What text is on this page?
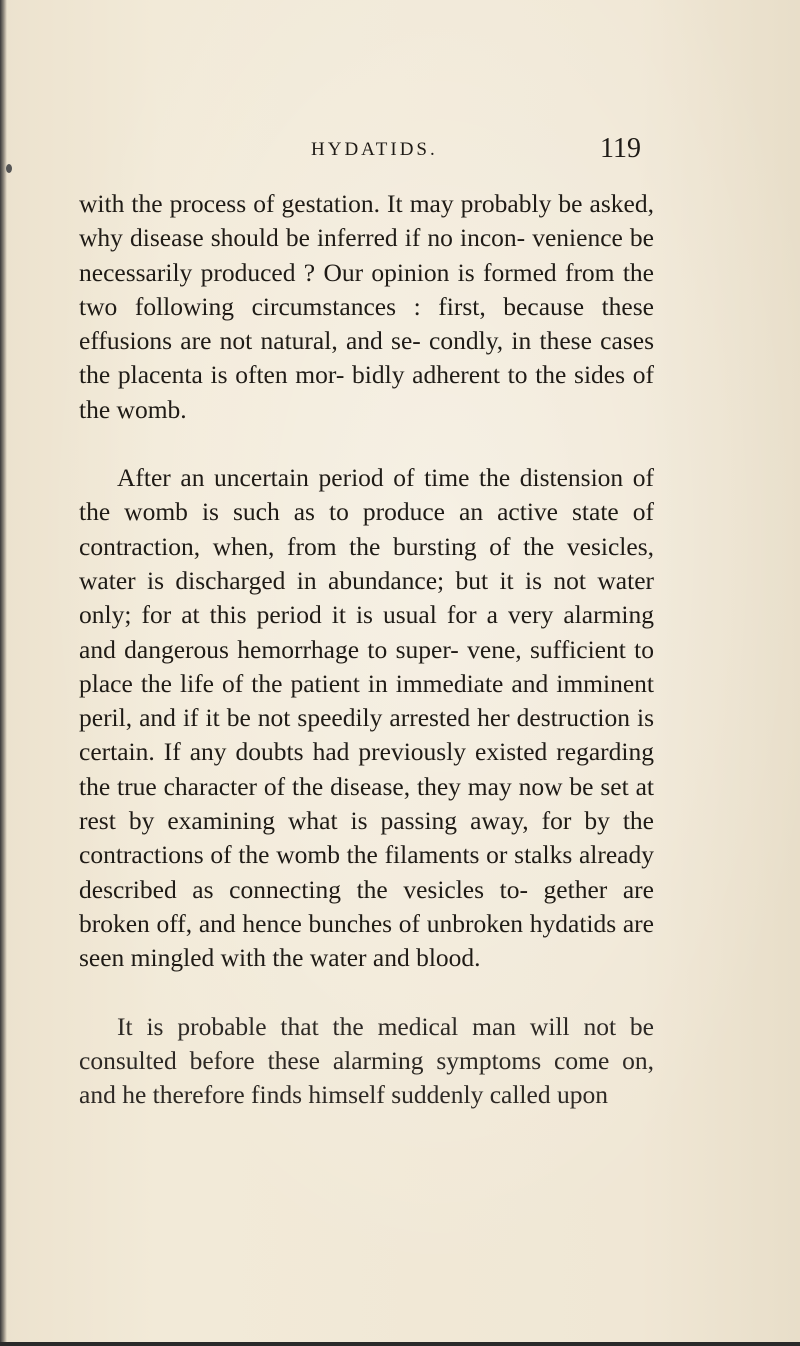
HYDATIDS.	119

with the process of gestation. It may probably be asked, why disease should be inferred if no incon- venience be necessarily produced ? Our opinion is formed from the two following circumstances : first, because these effusions are not natural, and se- condly, in these cases the placenta is often mor- bidly adherent to the sides of the womb.

After an uncertain period of time the distension of the womb is such as to produce an active state of contraction, when, from the bursting of the vesicles, water is discharged in abundance; but it is not water only; for at this period it is usual for a very alarming and dangerous hemorrhage to super- vene, sufficient to place the life of the patient in immediate and imminent peril, and if it be not speedily arrested her destruction is certain. If any doubts had previously existed regarding the true character of the disease, they may now be set at rest by examining what is passing away, for by the contractions of the womb the filaments or stalks already described as connecting the vesicles to- gether are broken off, and hence bunches of unbroken hydatids are seen mingled with the water and blood.

It is probable that the medical man will not be consulted before these alarming symptoms come on, and he therefore finds himself suddenly called upon
